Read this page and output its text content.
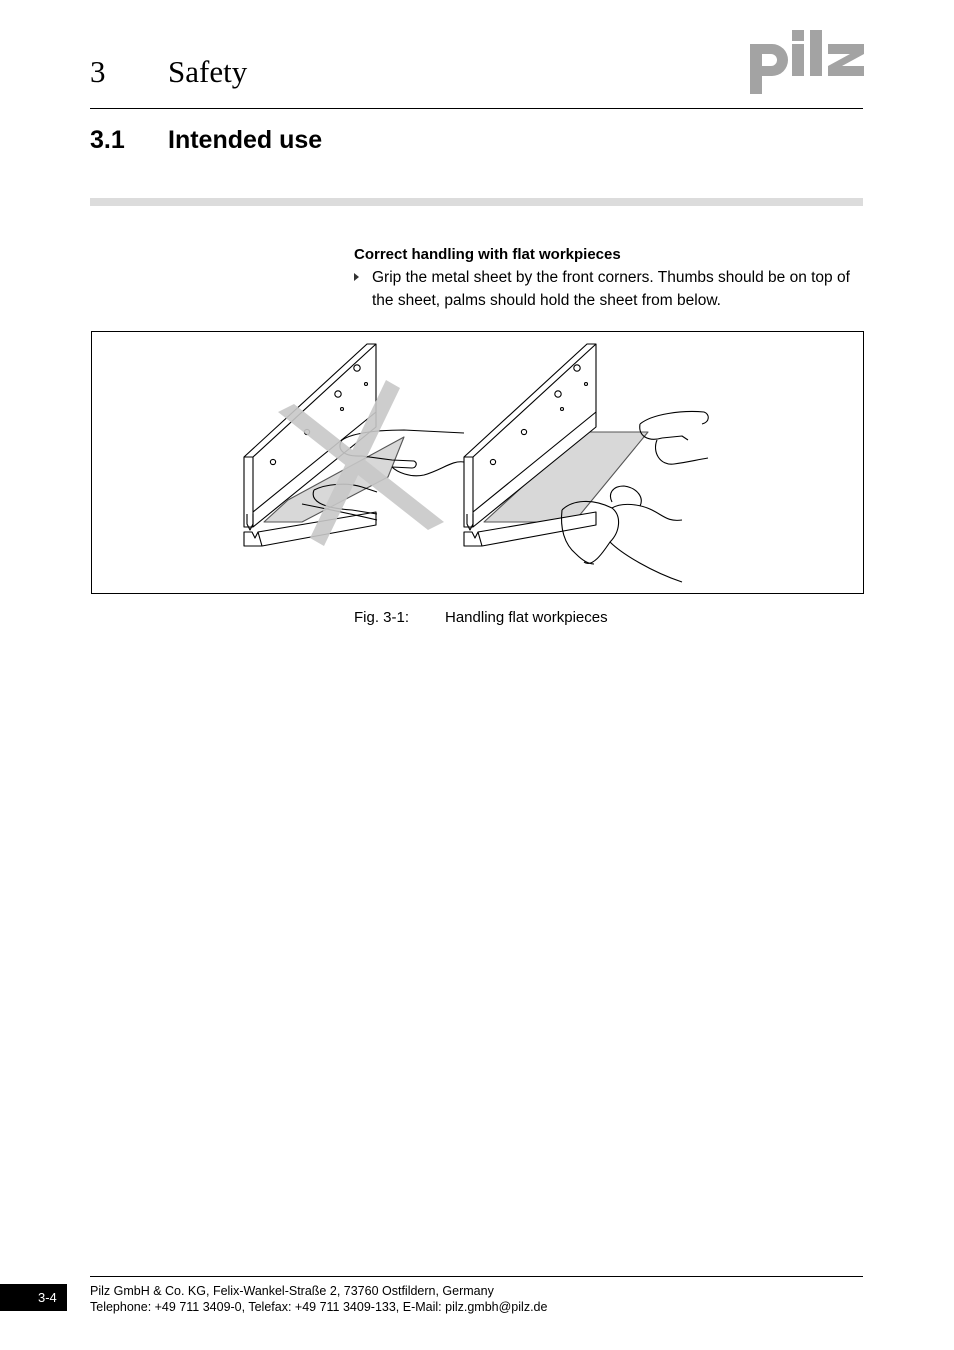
3 Safety
3.1 Intended use
Correct handling with flat workpieces
Grip the metal sheet by the front corners. Thumbs should be on top of the sheet, palms should hold the sheet from below.
Fig. 3-1: Handling flat workpieces
3-4	Pilz GmbH & Co. KG, Felix-Wankel-Straße 2, 73760 Ostfildern, Germany
Telephone: +49 711 3409-0, Telefax: +49 711 3409-133, E-Mail: pilz.gmbh@pilz.de
